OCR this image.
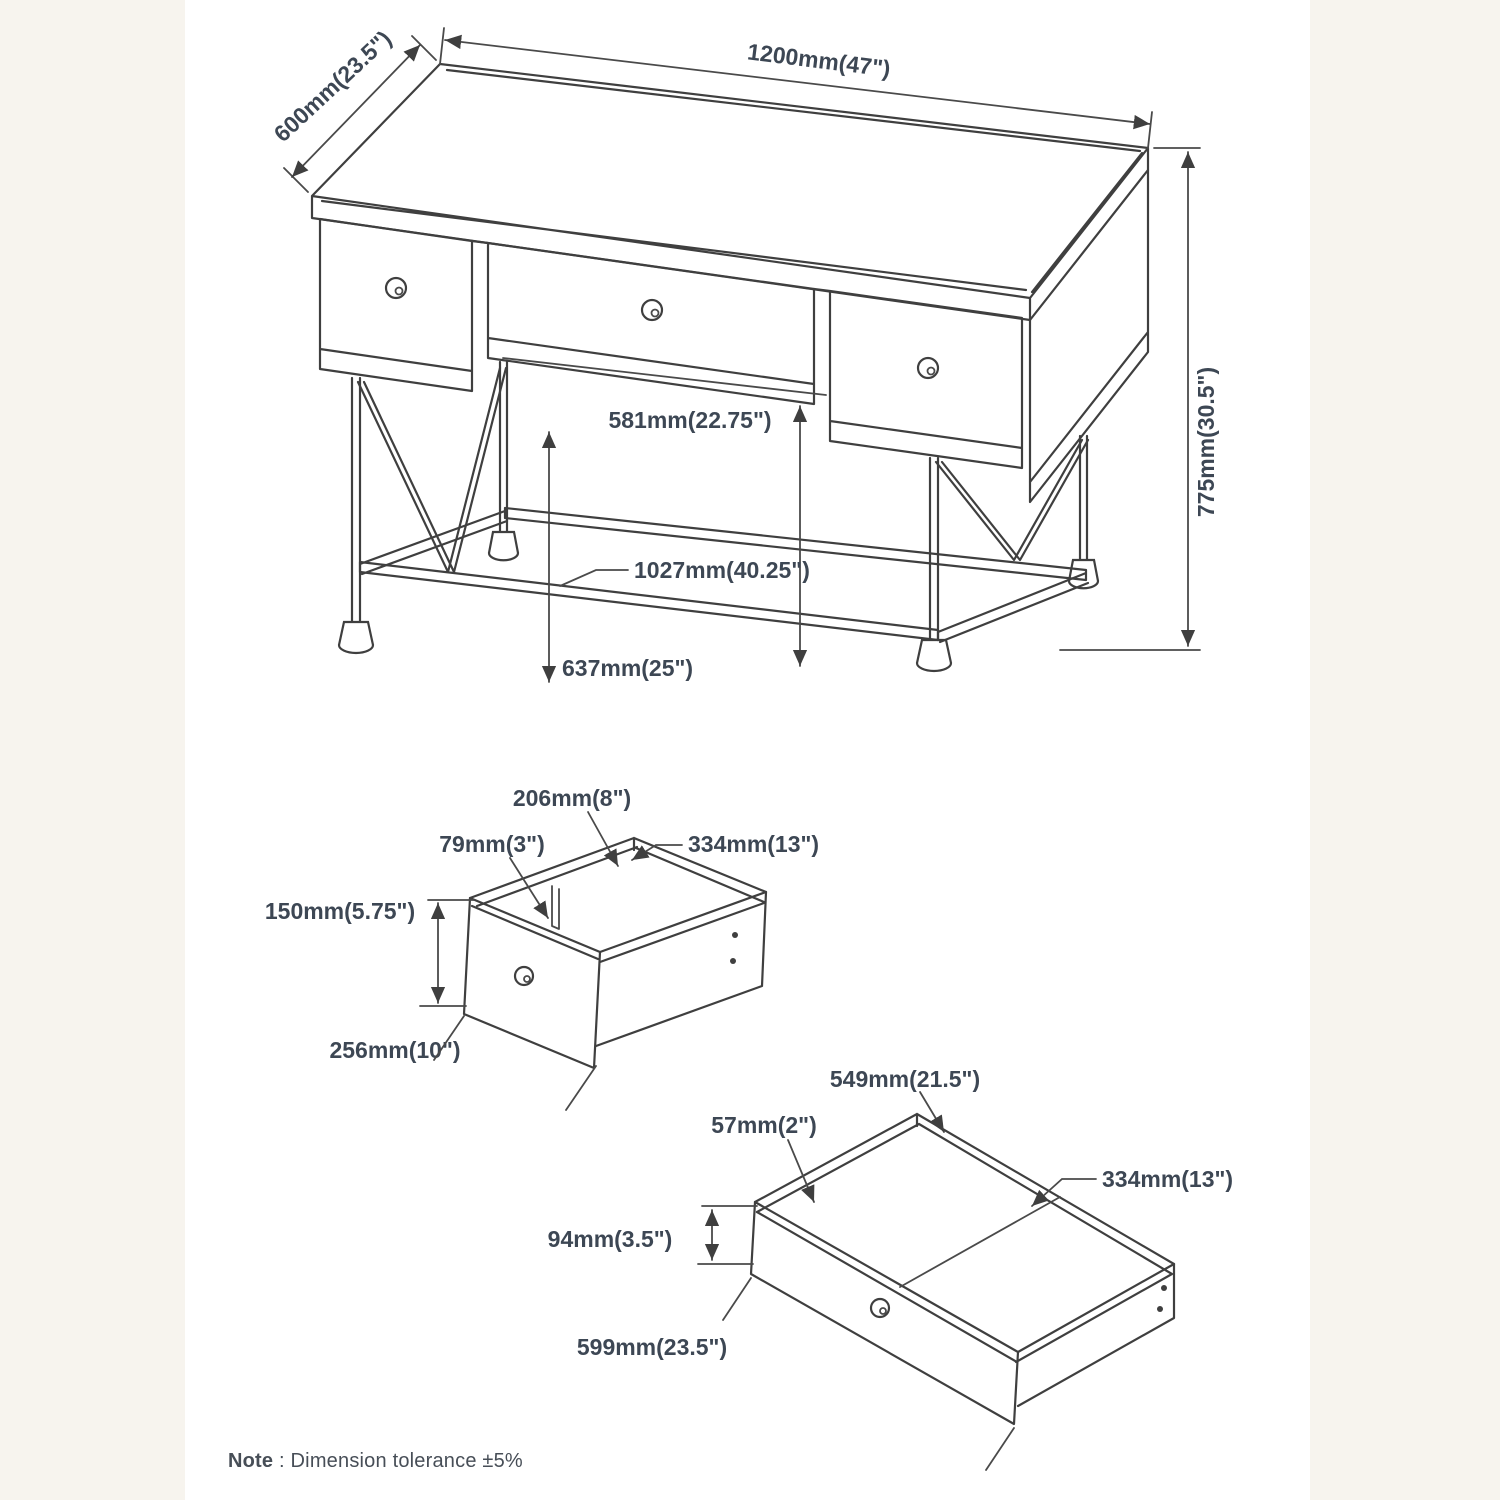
600mm(23.5")	1200mm(47")
775mm(30.5")
581mm(22.75")
1027mm(40.25")
637mm(25")
206mm(8")
79mm(3")	334mm(13")
150mm(5.75")
256mm(10")
549mm(21.5")
57mm(2")
334mm(13")
94mm(3.5")
599mm(23.5")
Note : Dimension tolerance ±5%
